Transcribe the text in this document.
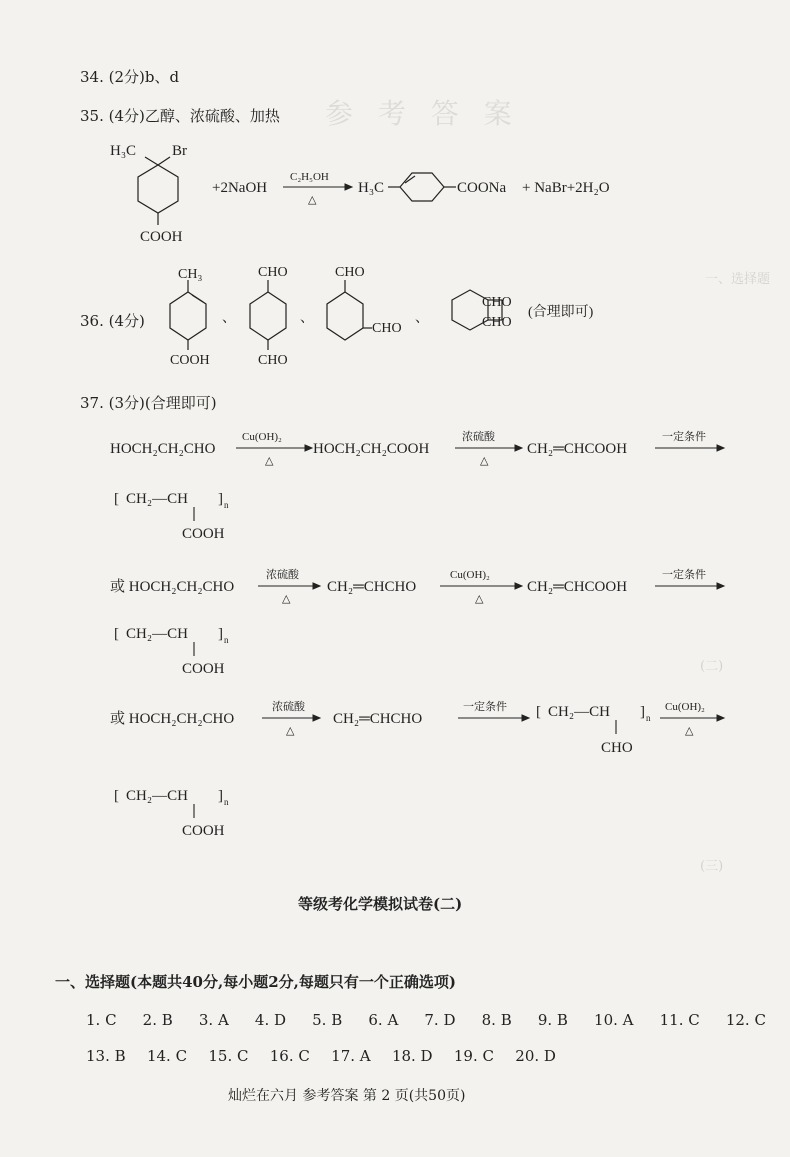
参 考 答 案
一、选择题
(二)
(三)
34. (2分)b、d
35. (4分)乙醇、浓硫酸、加热
H₃C Br
COOH
+2NaOH
C₂H₅OH
△
H₃C	COONa + NaBr+2H₂O
36. (4分)
CH₃
COOH
、
CHO
CHO
、
CHO
CHO
、
CHO
CHO
(合理即可)
37. (3分)(合理即可)
HOCH₂CH₂CHO
Cu(OH)₂
△
HOCH₂CH₂COOH
浓硫酸
△
CH₂═CHCOOH
一定条件
[ CH₂—CH ] n
COOH
或 HOCH₂CH₂CHO
浓硫酸
△
CH₂═CHCHO
Cu(OH)₂
△
CH₂═CHCOOH
一定条件
[ CH₂—CH ] n
COOH
或 HOCH₂CH₂CHO
浓硫酸
△
CH₂═CHCHO
一定条件 [ CH₂—CH ] n
CHO
Cu(OH)₂
△
[ CH₂—CH ] n
COOH
等级考化学模拟试卷(二)
一、选择题(本题共40分,每小题2分,每题只有一个正确选项)
1. C 2. B 3. A 4. D 5. B 6. A 7. D 8. B 9. B 10. A 11. C 12. C
13. B 14. C 15. C 16. C 17. A 18. D 19. C 20. D
灿烂在六月 参考答案 第 2 页(共50页)
